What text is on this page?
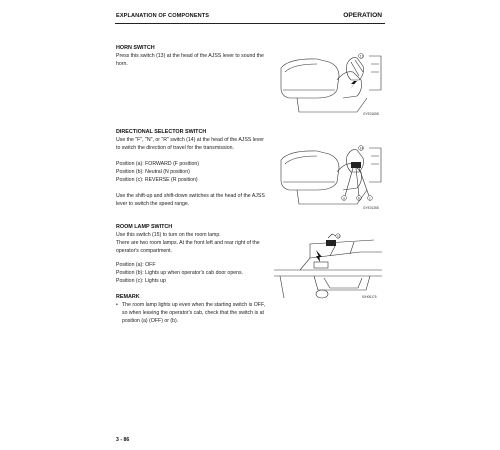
EXPLANATION OF COMPONENTS	OPERATION
HORN SWITCH
Press this switch (13) at the head of the AJSS lever to sound the
horn.
13
GYE01658
DIRECTIONAL SELECTOR SWITCH
Use the "F", "N", or "R" switch (14) at the head of the AJSS lever
to switch the direction of travel for the transmission.
Position (a): FORWARD (F position)
Position (b): Neutral (N position)
Position (c): REVERSE (R position)
Use the shift-up and shift-down switches at the head of the AJSS
lever to switch the speed range.
14
a	b	c
GYE01358
ROOM LAMP SWITCH
Use this switch (15) to turn on the room lamp.
There are two room lamps. At the front left and rear right of the
operator's compartment.
Position (a): OFF
Position (b): Lights up when operator's cab door opens.
Position (c): Lights up
15
9JH06175
REMARK
• The room lamp lights up even when the starting switch is OFF,
so when leaving the operator's cab, check that the switch is at
position (a) (OFF) or (b).
3 - 86
